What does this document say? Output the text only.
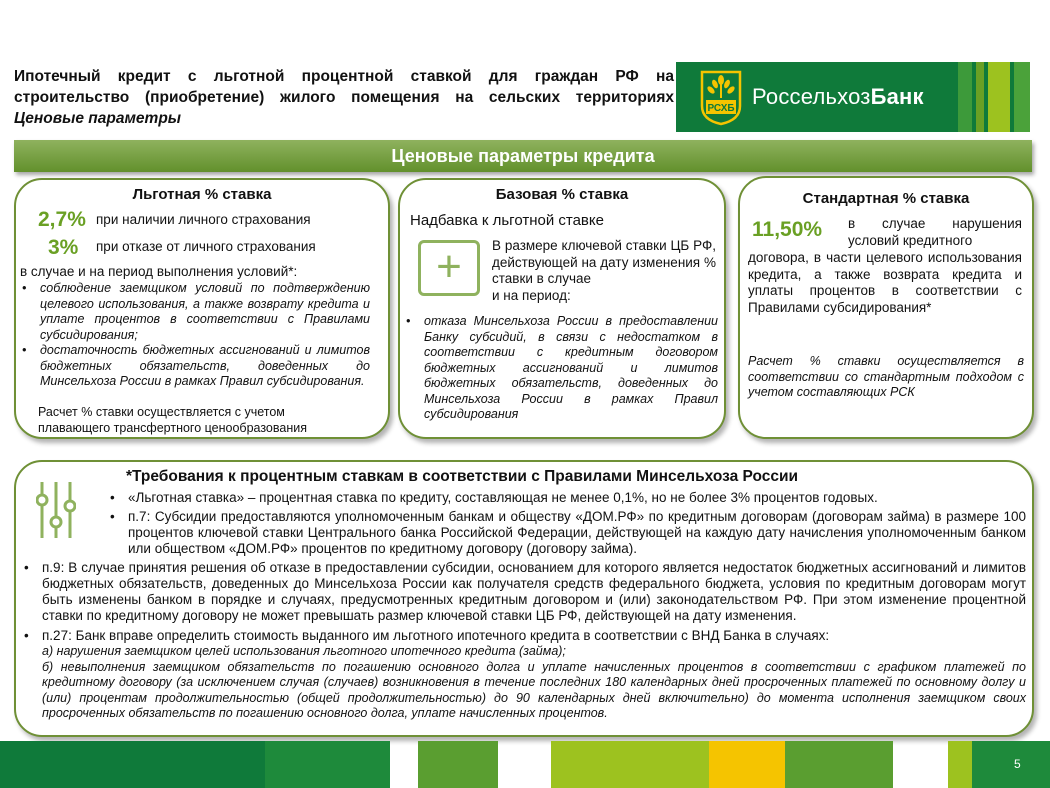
Ипотечный кредит с льготной процентной ставкой для граждан РФ на
строительство (приобретение) жилого помещения на сельских территориях
Ценовые параметры
РСХБ РоссельхозБанк
Ценовые параметры кредита
Льготная % ставка
2,7% при наличии личного страхования
3% при отказе от личного страхования
в случае и на период выполнения условий*:
• соблюдение заемщиком условий по подтверждению целевого использования, а также возврату кредита и уплате процентов в соответствии с Правилами субсидирования;
• достаточность бюджетных ассигнований и лимитов бюджетных обязательств, доведенных до Минсельхоза России в рамках Правил субсидирования.
Расчет % ставки осуществляется с учетом
плавающего трансфертного ценообразования
Базовая % ставка
Надбавка к льготной ставке
+	В размере ключевой ставки ЦБ РФ, действующей на дату изменения % ставки в случае
и на период:
• отказа Минсельхоза России в предоставлении Банку субсидий, в связи с недостатком в соответствии с кредитным договором бюджетных ассигнований и лимитов бюджетных обязательств, доведенных до Минсельхоза России в рамках Правил субсидирования
Стандартная % ставка
11,50% в случае нарушения
условий кредитного
договора, в части целевого использования кредита, а также возврата кредита и уплаты процентов в соответствии с Правилами субсидирования*
Расчет % ставки осуществляется в соответствии со стандартным подходом с учетом составляющих РСК
*Требования к процентным ставкам в соответствии с Правилами Минсельхоза России
• «Льготная ставка» – процентная ставка по кредиту, составляющая не менее 0,1%, но не более 3% процентов годовых.
• п.7: Субсидии предоставляются уполномоченным банкам и обществу «ДОМ.РФ» по кредитным договорам (договорам займа) в размере 100 процентов ключевой ставки Центрального банка Российской Федерации, действующей на каждую дату начисления уполномоченным банком или обществом «ДОМ.РФ» процентов по кредитному договору (договору займа).
• п.9: В случае принятия решения об отказе в предоставлении субсидии, основанием для которого является недостаток бюджетных ассигнований и лимитов бюджетных обязательств, доведенных до Минсельхоза России как получателя средств федерального бюджета, условия по кредитным договорам могут быть изменены банком в порядке и случаях, предусмотренных кредитным договором и (или) законодательством РФ. При этом изменение процентной ставки по кредитному договору не может превышать размер ключевой ставки ЦБ РФ, действующей на дату изменения.
• п.27: Банк вправе определить стоимость выданного им льготного ипотечного кредита в соответствии с ВНД Банка в случаях:
а) нарушения заемщиком целей использования льготного ипотечного кредита (займа);
б) невыполнения заемщиком обязательств по погашению основного долга и уплате начисленных процентов в соответствии с графиком платежей по кредитному договору (за исключением случая (случаев) возникновения в течение последних 180 календарных дней просроченных платежей по основному долгу и (или) процентам продолжительностью (общей продолжительностью) до 90 календарных дней включительно) до момента исполнения заемщиком своих просроченных обязательств по погашению основного долга, уплате начисленных процентов.
5
